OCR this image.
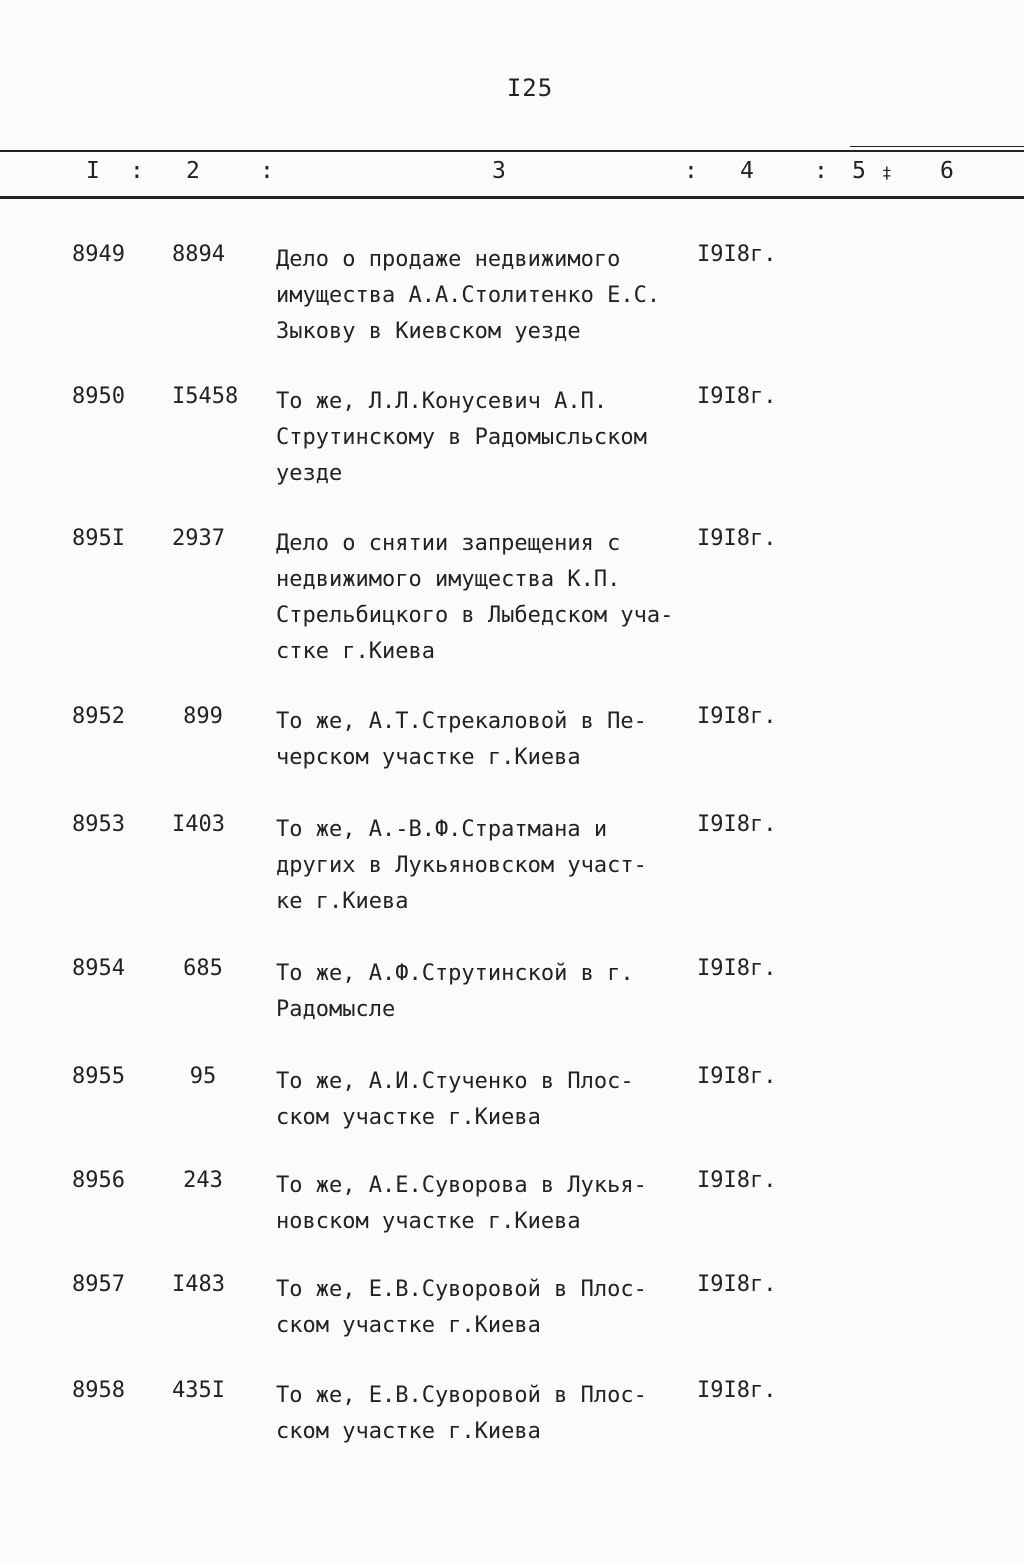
I25
I : 2	:	3	: 4	: 5 ‡ 6
8949 8894	Дело о продаже недвижимого
имущества А.А.Столитенко Е.С.
Зыкову в Киевском уезде
I9I8г.
8950 I5458	То же, Л.Л.Конусевич А.П.
Струтинскому в Радомысльском
уезде
I9I8г.
895I 2937	Дело о снятии запрещения с
недвижимого имущества К.П.
Стрельбицкого в Лыбедском уча-
стке г.Киева
I9I8г.
8952	899	То же, А.Т.Стрекаловой в Пе-
черском участке г.Киева
I9I8г.
8953 I403	То же, А.-В.Ф.Стратмана и
других в Лукьяновском участ-
ке г.Киева
I9I8г.
8954	685	То же, А.Ф.Струтинской в г.
Радомысле
I9I8г.
8955	95	То же, А.И.Стученко в Плос-
ском участке г.Киева
I9I8г.
8956	243	То же, А.Е.Суворова в Лукья-
новском участке г.Киева
I9I8г.
8957 I483	То же, Е.В.Суворовой в Плос-
ском участке г.Киева
I9I8г.
8958 435I	То же, Е.В.Суворовой в Плос-
ском участке г.Киева
I9I8г.
